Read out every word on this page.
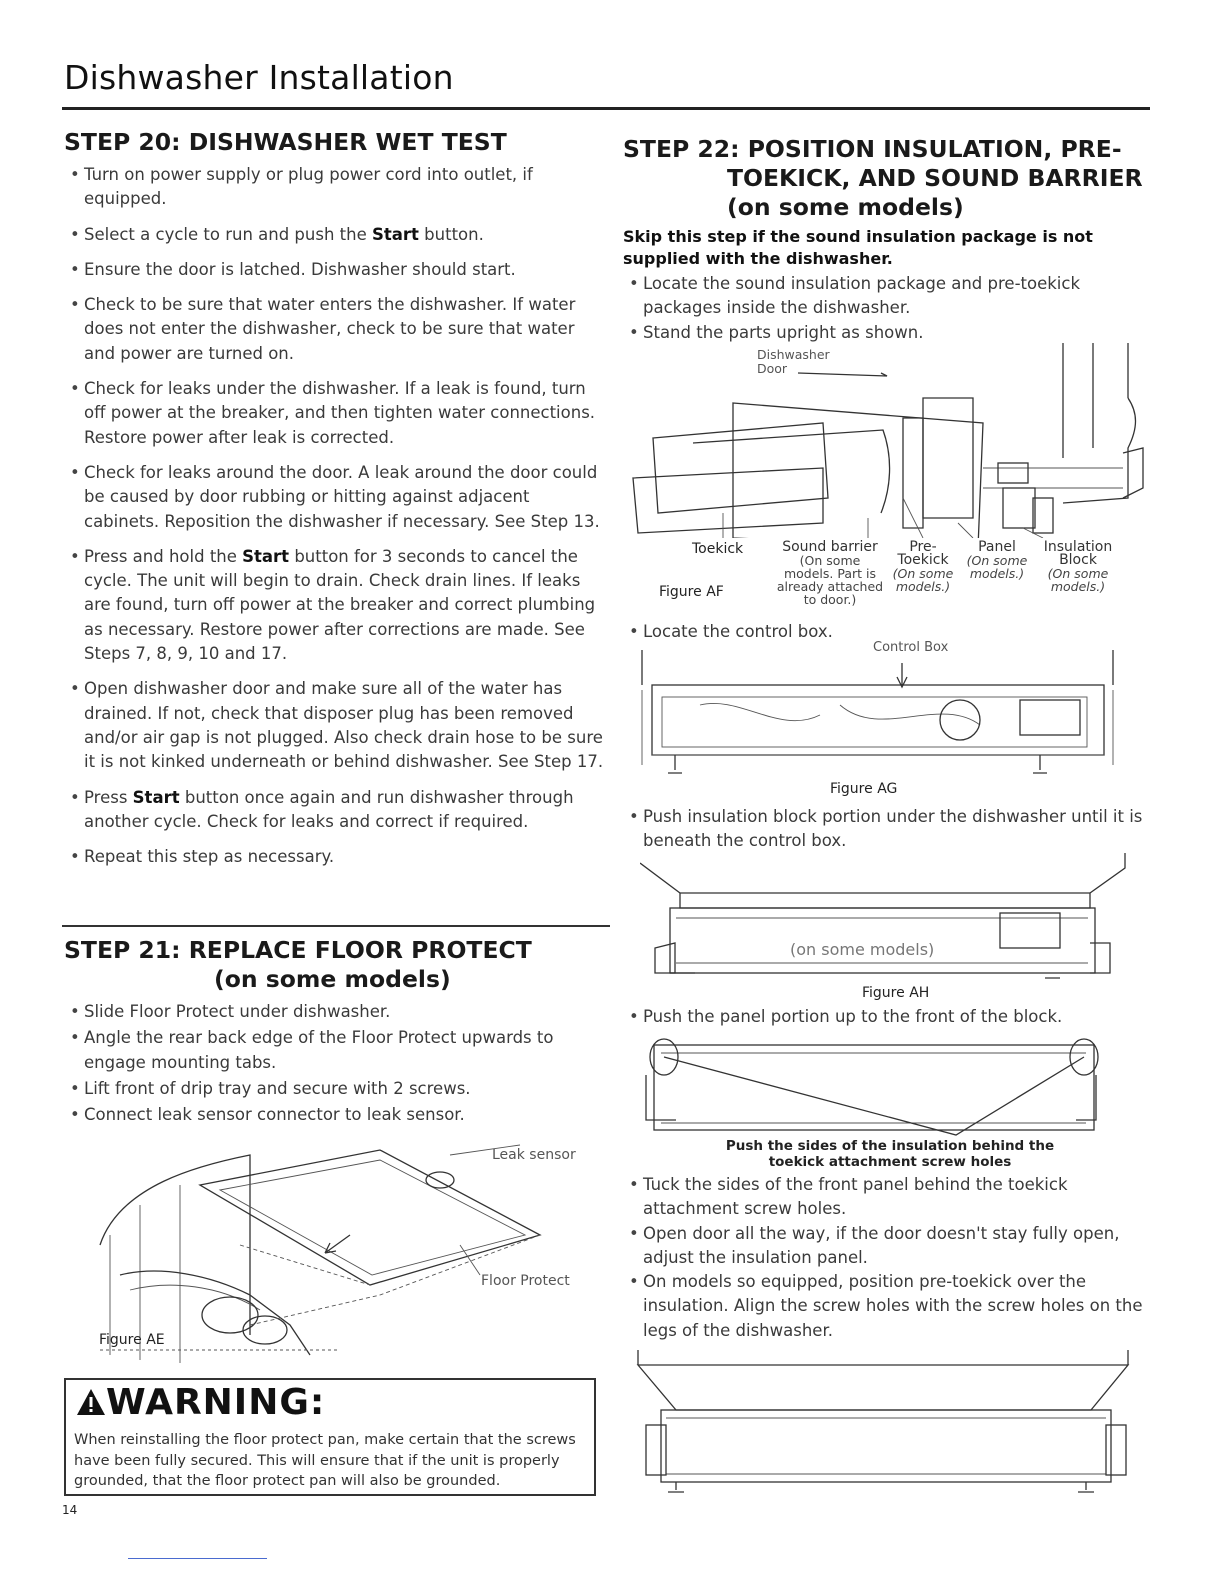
Dishwasher Installation
STEP 20: DISHWASHER WET TEST

• Turn on power supply or plug power cord into outlet, if equipped.

• Select a cycle to run and push the Start button.

• Ensure the door is latched. Dishwasher should start.

• Check to be sure that water enters the dishwasher. If water does not enter the dishwasher, check to be sure that water and power are turned on.

• Check for leaks under the dishwasher. If a leak is found, turn off power at the breaker, and then tighten water connections. Restore power after leak is corrected.

• Check for leaks around the door. A leak around the door could be caused by door rubbing or hitting against adjacent cabinets. Reposition the dishwasher if necessary. See Step 13.

• Press and hold the Start button for 3 seconds to cancel the cycle. The unit will begin to drain. Check drain lines. If leaks are found, turn off power at the breaker and correct plumbing as necessary. Restore power after corrections are made. See Steps 7, 8, 9, 10 and 17.

• Open dishwasher door and make sure all of the water has drained. If not, check that disposer plug has been removed and/or air gap is not plugged. Also check drain hose to be sure it is not kinked underneath or behind dishwasher. See Step 17.

• Press Start button once again and run dishwasher through another cycle. Check for leaks and correct if required.

• Repeat this step as necessary.

STEP 21: REPLACE FLOOR PROTECT
(on some models)

• Slide Floor Protect under dishwasher.

• Angle the rear back edge of the Floor Protect upwards to engage mounting tabs.

• Lift front of drip tray and secure with 2 screws.

• Connect leak sensor connector to leak sensor.

Figure AE
Leak sensor
Floor Protect
WARNING:
When reinstalling the floor protect pan, make certain that the screws have been fully secured. This will ensure that if the unit is properly grounded, that the floor protect pan will also be grounded.
14
STEP 22: POSITION INSULATION, PRE-
TOEKICK, AND SOUND BARRIER
(on some models)

Skip this step if the sound insulation package is not supplied with the dishwasher.

• Locate the sound insulation package and pre-toekick packages inside the dishwasher.

• Stand the parts upright as shown.

Dishwasher Door
Toekick	Sound barrier
(On some models. Part is already attached to door.)
Pre-Toekick
(On some models.)
Panel
(On some models.)
Insulation Block
(On some models.)
Figure AF

• Locate the control box.

Control Box
Figure AG

• Push insulation block portion under the dishwasher until it is beneath the control box.

(on some models)
Figure AH

• Push the panel portion up to the front of the block.

Push the sides of the insulation behind the toekick attachment screw holes

• Tuck the sides of the front panel behind the toekick attachment screw holes.

• Open door all the way, if the door doesn't stay fully open, adjust the insulation panel.

• On models so equipped, position pre-toekick over the insulation. Align the screw holes with the screw holes on the legs of the dishwasher.
